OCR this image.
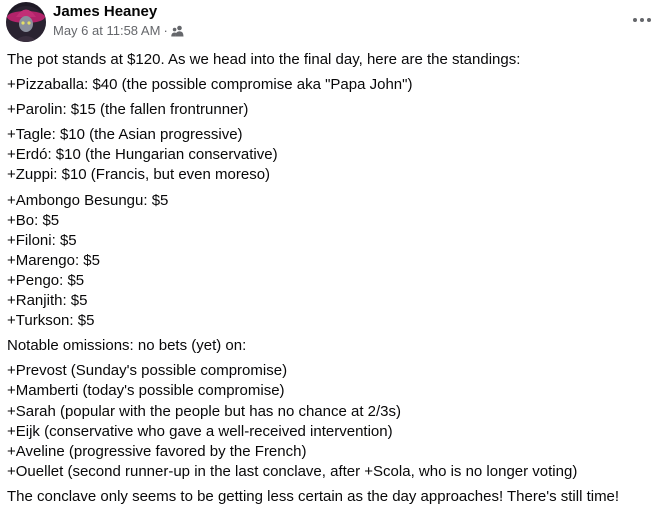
James Heaney
May 6 at 11:58 AM ·
The pot stands at $120. As we head into the final day, here are the standings:
+Pizzaballa: $40 (the possible compromise aka "Papa John")
+Parolin: $15 (the fallen frontrunner)
+Tagle: $10 (the Asian progressive)
+Erdó: $10 (the Hungarian conservative)
+Zuppi: $10 (Francis, but even moreso)
+Ambongo Besungu: $5
+Bo: $5
+Filoni: $5
+Marengo: $5
+Pengo: $5
+Ranjith: $5
+Turkson: $5
Notable omissions: no bets (yet) on:
+Prevost (Sunday's possible compromise)
+Mamberti (today's possible compromise)
+Sarah (popular with the people but has no chance at 2/3s)
+Eijk (conservative who gave a well-received intervention)
+Aveline (progressive favored by the French)
+Ouellet (second runner-up in the last conclave, after +Scola, who is no longer voting)
The conclave only seems to be getting less certain as the day approaches! There's still time!
